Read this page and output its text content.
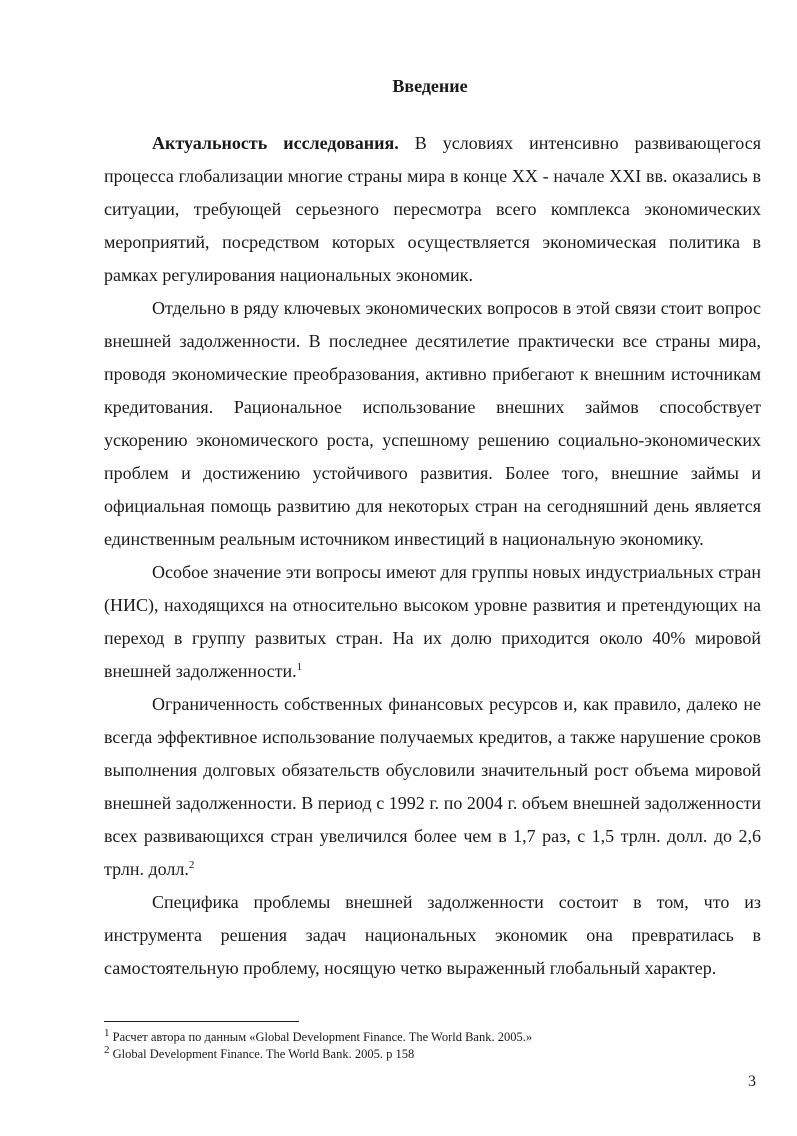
Введение

Актуальность исследования. В условиях интенсивно развивающегося процесса глобализации многие страны мира в конце XX - начале XXI вв. оказались в ситуации, требующей серьезного пересмотра всего комплекса экономических мероприятий, посредством которых осуществляется экономическая политика в рамках регулирования национальных экономик.

Отдельно в ряду ключевых экономических вопросов в этой связи стоит вопрос внешней задолженности. В последнее десятилетие практически все страны мира, проводя экономические преобразования, активно прибегают к внешним источникам кредитования. Рациональное использование внешних займов способствует ускорению экономического роста, успешному решению социально-экономических проблем и достижению устойчивого развития. Более того, внешние займы и официальная помощь развитию для некоторых стран на сегодняшний день является единственным реальным источником инвестиций в национальную экономику.

Особое значение эти вопросы имеют для группы новых индустриальных стран (НИС), находящихся на относительно высоком уровне развития и претендующих на переход в группу развитых стран. На их долю приходится около 40% мировой внешней задолженности.$^1$

Ограниченность собственных финансовых ресурсов и, как правило, далеко не всегда эффективное использование получаемых кредитов, а также нарушение сроков выполнения долговых обязательств обусловили значительный рост объема мировой внешней задолженности. В период с 1992 г. по 2004 г. объем внешней задолженности всех развивающихся стран увеличился более чем в 1,7 раз, с 1,5 трлн. долл. до 2,6 трлн. долл.$^2$

Специфика проблемы внешней задолженности состоит в том, что из инструмента решения задач национальных экономик она превратилась в самостоятельную проблему, носящую четко выраженный глобальный характер.

$^1$ Расчет автора по данным «Global Development Finance. The World Bank. 2005.»
$^2$ Global Development Finance. The World Bank. 2005. p 158
3
